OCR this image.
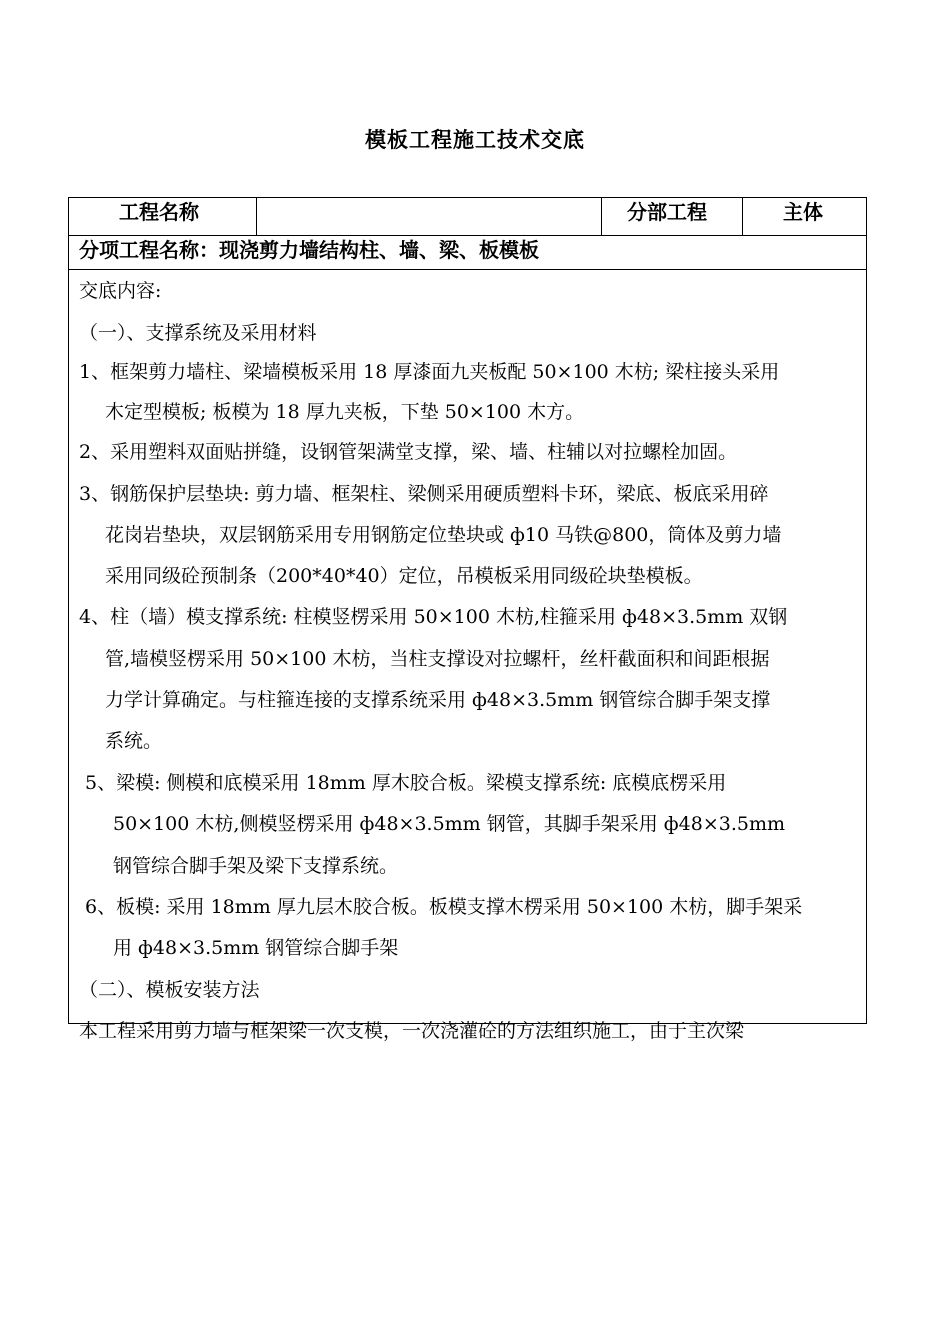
模板工程施工技术交底
工程名称	分部工程	主体
分项工程名称：现浇剪力墙结构柱、墙、梁、板模板
交底内容:
（一）、支撑系统及采用材料
1、框架剪力墙柱、梁墙模板采用 18 厚漆面九夹板配 50×100 木枋; 梁柱接头采用
木定型模板; 板模为 18 厚九夹板，下垫 50×100 木方。
2、采用塑料双面贴拼缝，设钢管架满堂支撑，梁、墙、柱辅以对拉螺栓加固。
3、钢筋保护层垫块: 剪力墙、框架柱、梁侧采用硬质塑料卡环，梁底、板底采用碎
花岗岩垫块，双层钢筋采用专用钢筋定位垫块或 ф10 马铁@800，筒体及剪力墙
采用同级砼预制条（200*40*40）定位，吊模板采用同级砼块垫模板。
4、柱（墙）模支撑系统: 柱模竖楞采用 50×100 木枋,柱箍采用 ф48×3.5mm 双钢
管,墙模竖楞采用 50×100 木枋，当柱支撑设对拉螺杆，丝杆截面积和间距根据
力学计算确定。与柱箍连接的支撑系统采用 ф48×3.5mm 钢管综合脚手架支撑
系统。
5、梁模: 侧模和底模采用 18mm 厚木胶合板。梁模支撑系统: 底模底楞采用
50×100 木枋,侧模竖楞采用 ф48×3.5mm 钢管，其脚手架采用 ф48×3.5mm
钢管综合脚手架及梁下支撑系统。
6、板模: 采用 18mm 厚九层木胶合板。板模支撑木楞采用 50×100 木枋，脚手架采
用 ф48×3.5mm 钢管综合脚手架
（二）、模板安装方法
本工程采用剪力墙与框架梁一次支模，一次浇灌砼的方法组织施工，由于主次梁
